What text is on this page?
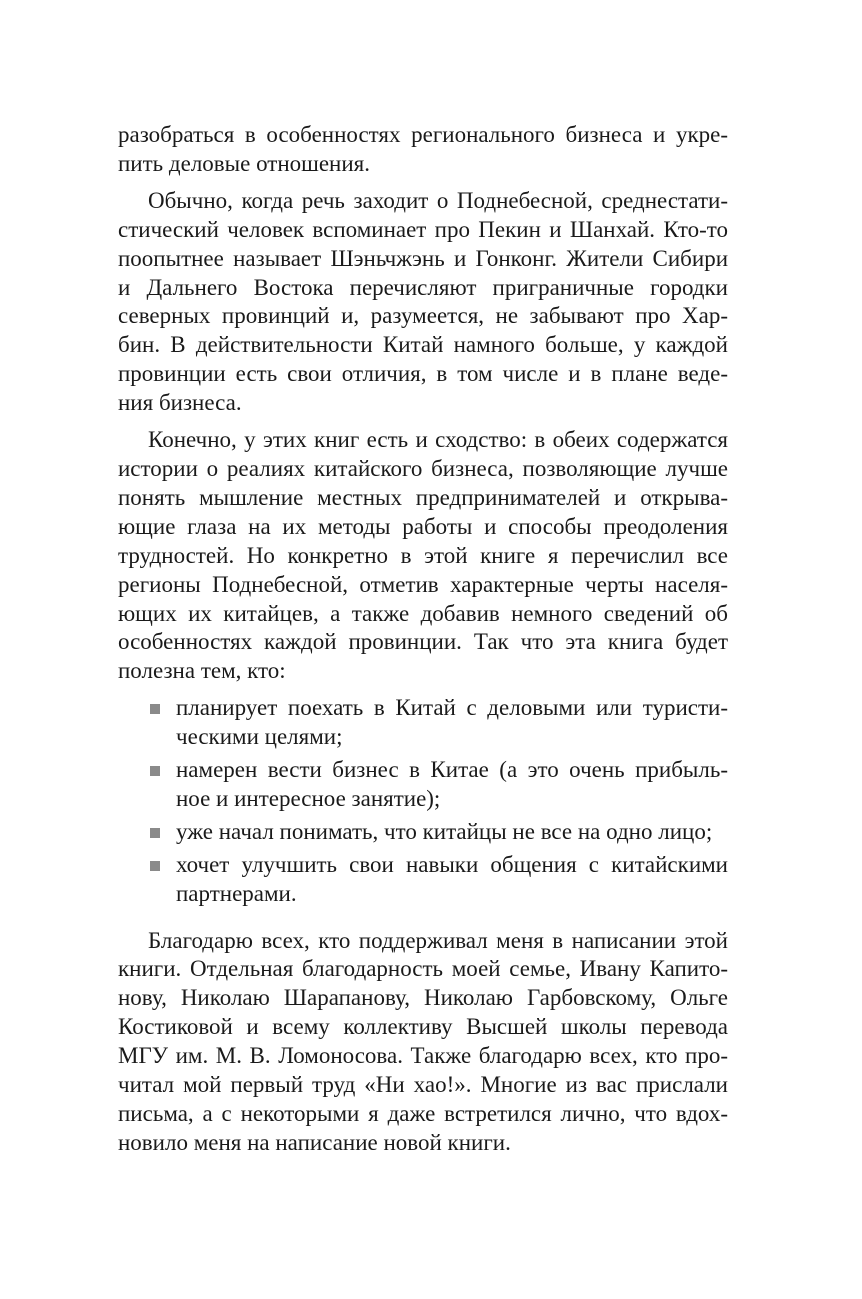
разобраться в особенностях регионального бизнеса и укре-
пить деловые отношения.

Обычно, когда речь заходит о Поднебесной, среднестати-
стический человек вспоминает про Пекин и Шанхай. Кто-то
поопытнее называет Шэньчжэнь и Гонконг. Жители Сибири
и Дальнего Востока перечисляют приграничные городки
северных провинций и, разумеется, не забывают про Хар-
бин. В действительности Китай намного больше, у каждой
провинции есть свои отличия, в том числе и в плане веде-
ния бизнеса.

Конечно, у этих книг есть и сходство: в обеих содержатся
истории о реалиях китайского бизнеса, позволяющие лучше
понять мышление местных предпринимателей и открыва-
ющие глаза на их методы работы и способы преодоления
трудностей. Но конкретно в этой книге я перечислил все
регионы Поднебесной, отметив характерные черты населя-
ющих их китайцев, а также добавив немного сведений об
особенностях каждой провинции. Так что эта книга будет
полезна тем, кто:

планирует поехать в Китай с деловыми или туристи-
ческими целями;
намерен вести бизнес в Китае (а это очень прибыль-
ное и интересное занятие);
уже начал понимать, что китайцы не все на одно лицо;
хочет улучшить свои навыки общения с китайскими
партнерами.

Благодарю всех, кто поддерживал меня в написании этой
книги. Отдельная благодарность моей семье, Ивану Капито-
нову, Николаю Шарапанову, Николаю Гарбовскому, Ольге
Костиковой и всему коллективу Высшей школы перевода
МГУ им. М. В. Ломоносова. Также благодарю всех, кто про-
читал мой первый труд «Ни хао!». Многие из вас прислали
письма, а с некоторыми я даже встретился лично, что вдох-
новило меня на написание новой книги.
